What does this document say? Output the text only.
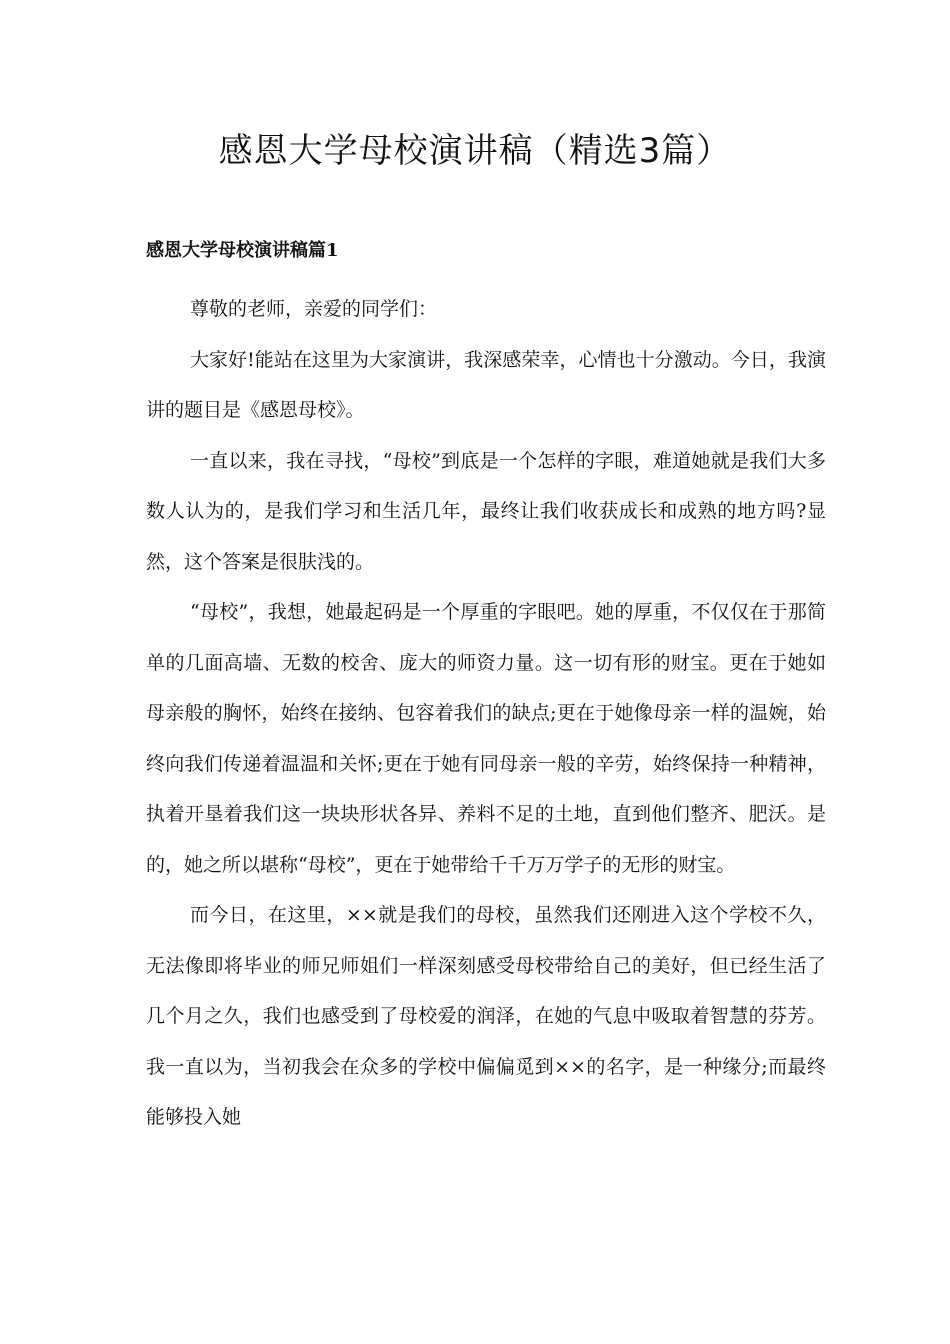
感恩大学母校演讲稿（精选3篇）
感恩大学母校演讲稿篇1

尊敬的老师，亲爱的同学们：

大家好!能站在这里为大家演讲，我深感荣幸，心情也十分激动。今日，我演讲的题目是《感恩母校》。

一直以来，我在寻找，“母校”到底是一个怎样的字眼，难道她就是我们大多数人认为的，是我们学习和生活几年，最终让我们收获成长和成熟的地方吗?显然，这个答案是很肤浅的。

“母校”，我想，她最起码是一个厚重的字眼吧。她的厚重，不仅仅在于那简单的几面高墙、无数的校舍、庞大的师资力量。这一切有形的财宝。更在于她如母亲般的胸怀，始终在接纳、包容着我们的缺点;更在于她像母亲一样的温婉，始终向我们传递着温温和关怀;更在于她有同母亲一般的辛劳，始终保持一种精神，执着开垦着我们这一块块形状各异、养料不足的土地，直到他们整齐、肥沃。是的，她之所以堪称“母校”，更在于她带给千千万万学子的无形的财宝。

而今日，在这里，××就是我们的母校，虽然我们还刚进入这个学校不久，无法像即将毕业的师兄师姐们一样深刻感受母校带给自己的美好，但已经生活了几个月之久，我们也感受到了母校爱的润泽，在她的气息中吸取着智慧的芬芳。我一直以为，当初我会在众多的学校中偏偏觅到××的名字，是一种缘分;而最终能够投入她
